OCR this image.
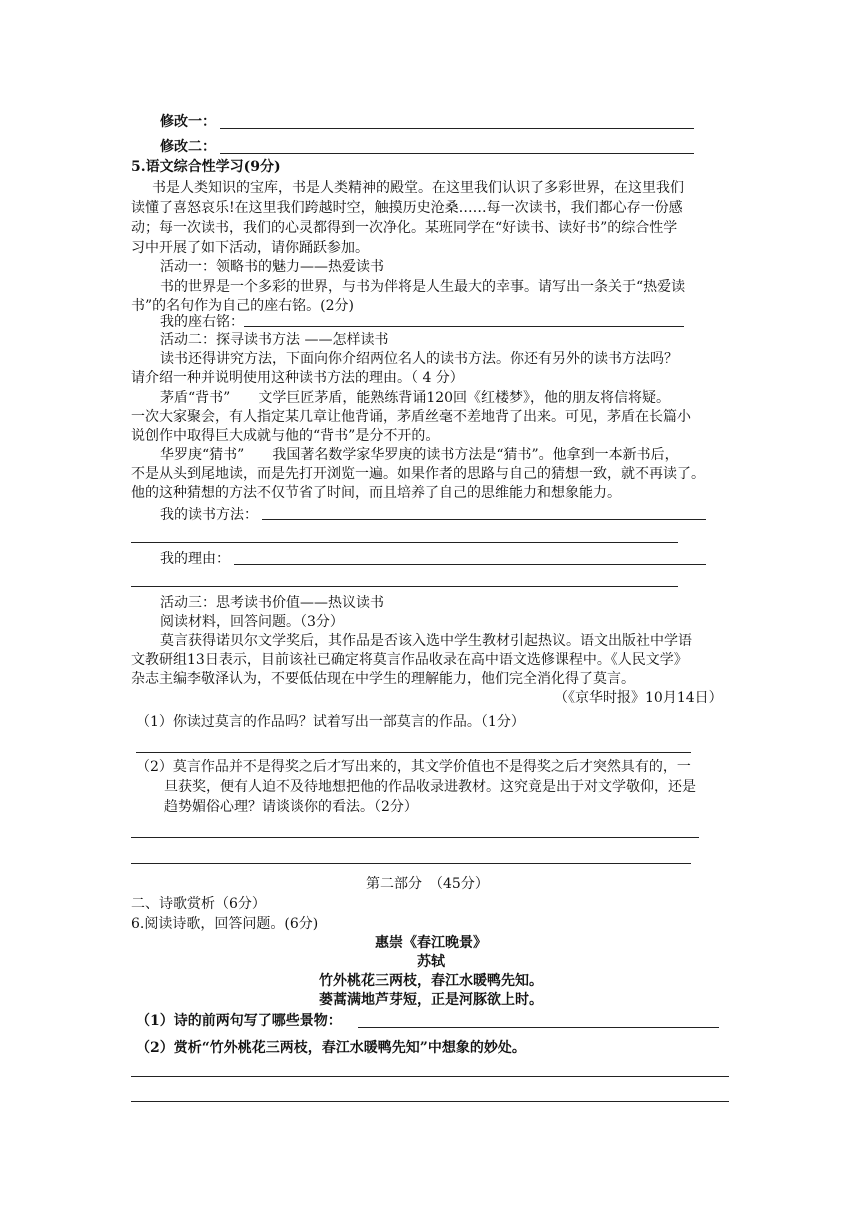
修改一：
修改二：
5.语文综合性学习(9分)
书是人类知识的宝库，书是人类精神的殿堂。在这里我们认识了多彩世界，在这里我们
读懂了喜怒哀乐!在这里我们跨越时空，触摸历史沧桑……每一次读书，我们都心存一份感
动；每一次读书，我们的心灵都得到一次净化。某班同学在“好读书、读好书”的综合性学
习中开展了如下活动，请你踊跃参加。
活动一：领略书的魅力——热爱读书
书的世界是一个多彩的世界，与书为伴将是人生最大的幸事。请写出一条关于“热爱读
书”的名句作为自己的座右铭。(2分)
我的座右铭：
活动二：探寻读书方法 ——怎样读书
读书还得讲究方法，下面向你介绍两位名人的读书方法。你还有另外的读书方法吗？
请介绍一种并说明使用这种读书方法的理由。（ 4 分）
茅盾“背书”　　文学巨匠茅盾，能熟练背诵120回《红楼梦》，他的朋友将信将疑。
一次大家聚会，有人指定某几章让他背诵，茅盾丝毫不差地背了出来。可见，茅盾在长篇小
说创作中取得巨大成就与他的“背书”是分不开的。
华罗庚“猜书”　　我国著名数学家华罗庚的读书方法是“猜书”。他拿到一本新书后，
不是从头到尾地读，而是先打开浏览一遍。如果作者的思路与自己的猜想一致，就不再读了。
他的这种猜想的方法不仅节省了时间，而且培养了自己的思维能力和想象能力。
我的读书方法：
我的理由：
活动三：思考读书价值——热议读书
阅读材料，回答问题。（3分）
莫言获得诺贝尔文学奖后，其作品是否该入选中学生教材引起热议。语文出版社中学语
文教研组13日表示，目前该社已确定将莫言作品收录在高中语文选修课程中。《人民文学》
杂志主编李敬泽认为，不要低估现在中学生的理解能力，他们完全消化得了莫言。
（《京华时报》10月14日）
（1）你读过莫言的作品吗？试着写出一部莫言的作品。（1分）
（2）莫言作品并不是得奖之后才写出来的，其文学价值也不是得奖之后才突然具有的，一
旦获奖，便有人迫不及待地想把他的作品收录进教材。这究竟是出于对文学敬仰，还是
趋势媚俗心理？请谈谈你的看法。（2分）
第二部分　（45分）
二、诗歌赏析（6分）
6.阅读诗歌，回答问题。(6分)
惠崇《春江晚景》
苏轼
竹外桃花三两枝，春江水暖鸭先知。
蒌蒿满地芦芽短，正是河豚欲上时。
（1）诗的前两句写了哪些景物：
（2）赏析“竹外桃花三两枝，春江水暖鸭先知”中想象的妙处。
